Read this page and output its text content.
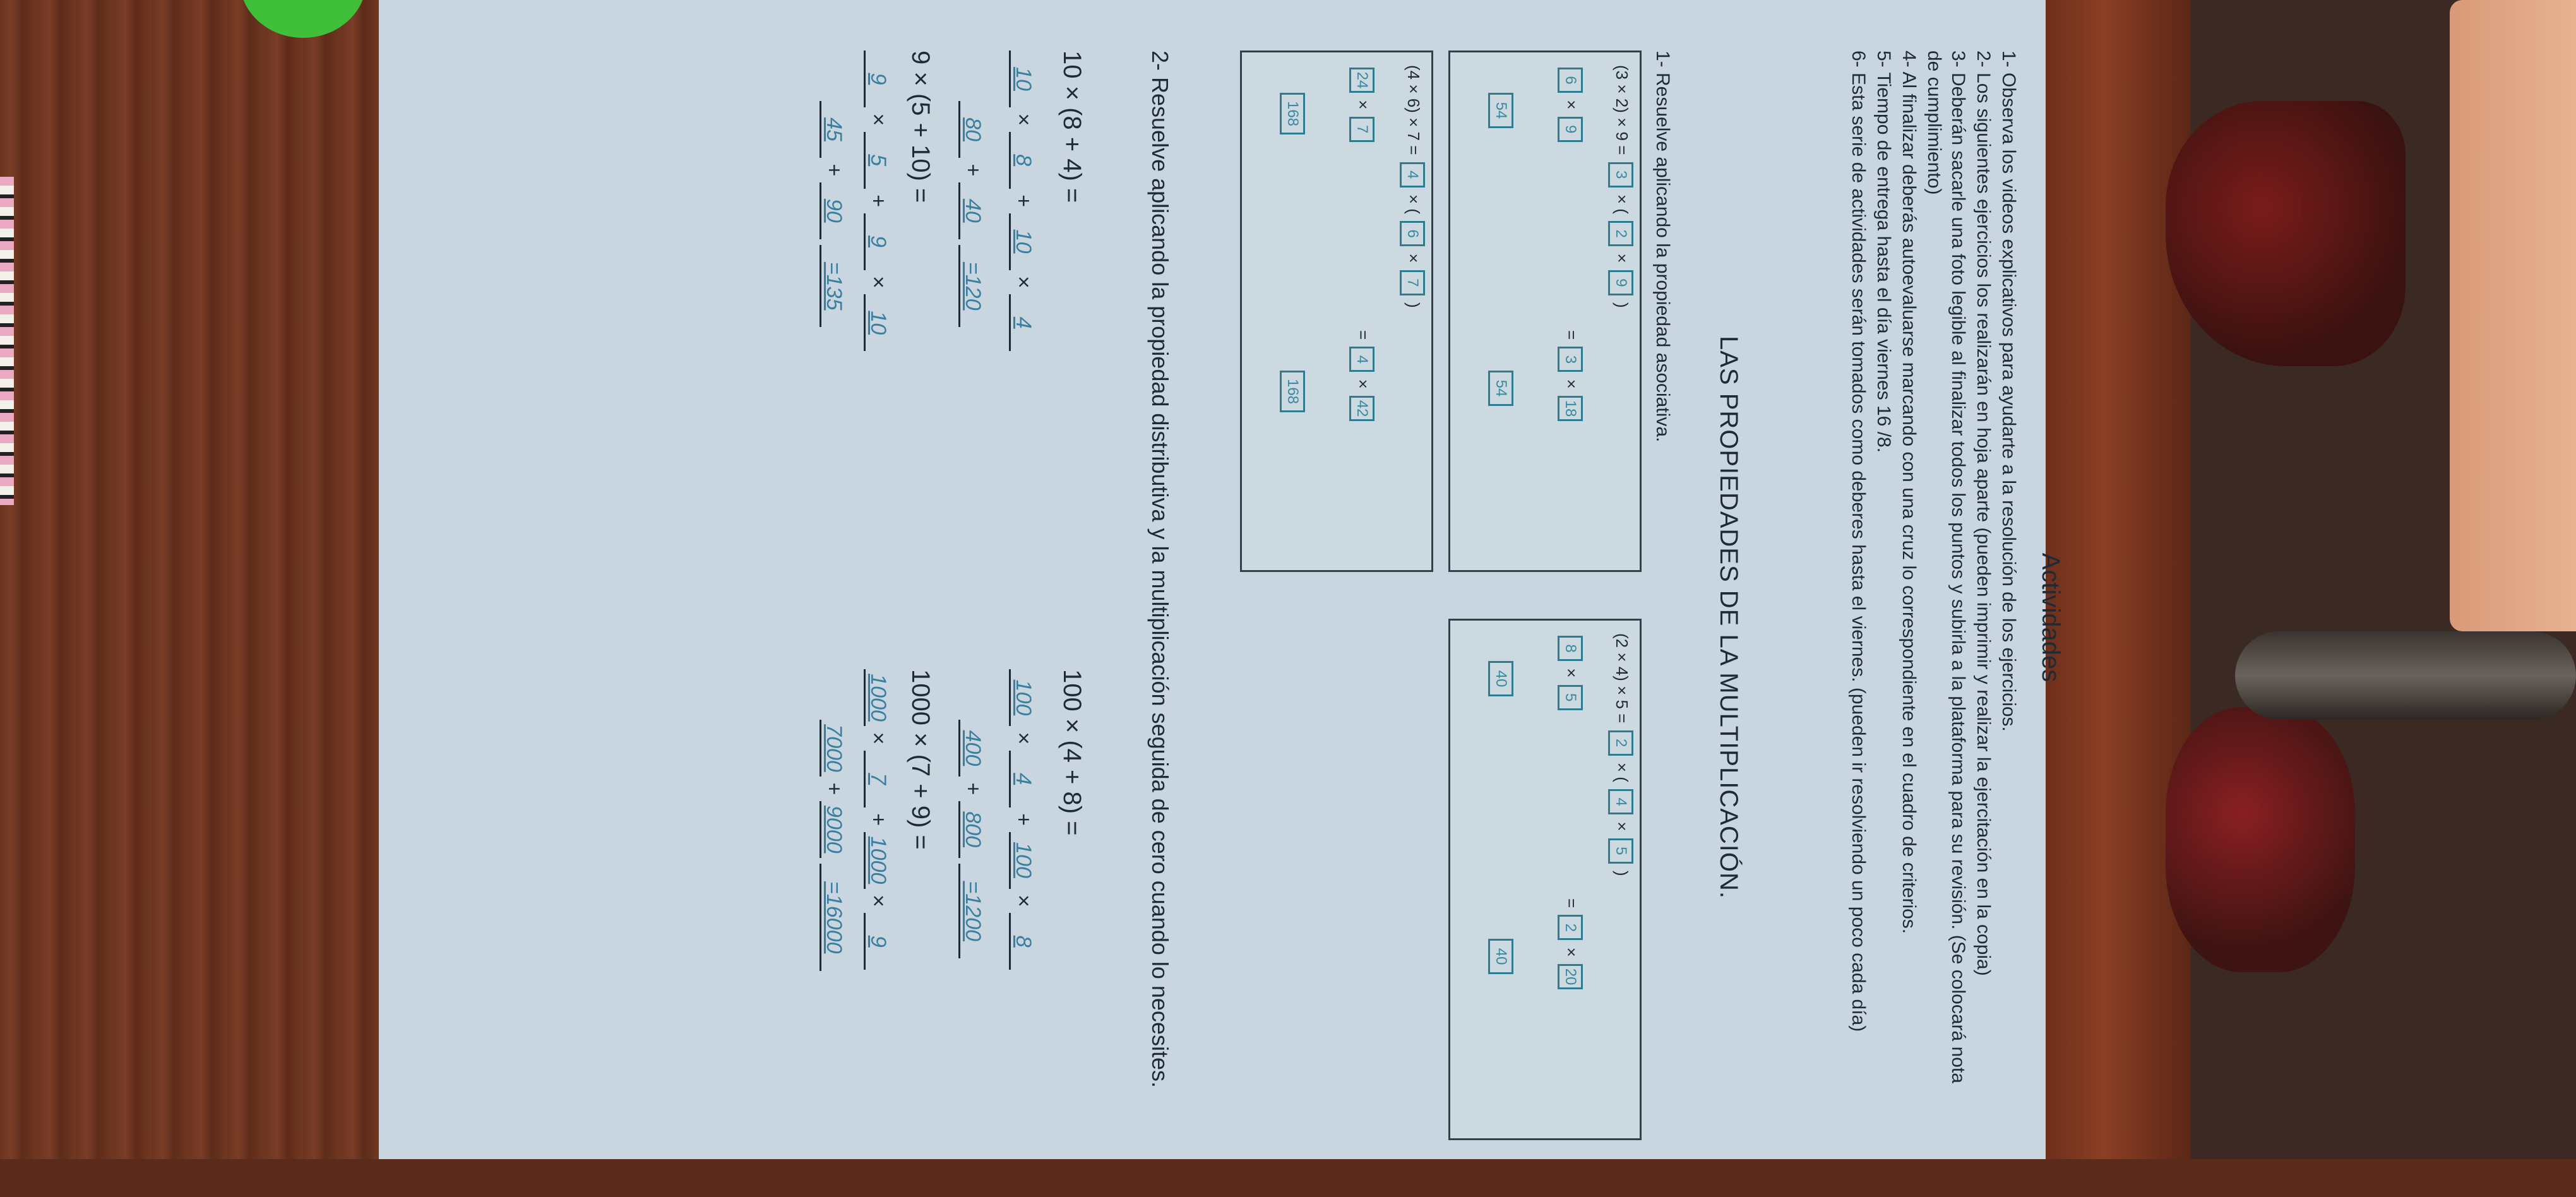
Actividades
1- Observa los videos explicativos para ayudarte a la resolución de los ejercicios.
2- Los siguientes ejercicios los realizarán en hoja aparte (pueden imprimir y realizar la ejercitación en la copia)
3- Deberán sacarle una foto legible al finalizar todos los puntos y subirla a la plataforma para su revisión. (Se colocará nota de cumplimiento)
4- Al finalizar deberás autoevaluarse marcando con una cruz lo correspondiente en el cuadro de criterios.
5- Tiempo de entrega hasta el día viernes 16 /8.
6- Esta serie de actividades serán tomados como deberes hasta el viernes. (pueden ir resolviendo un poco cada día)
LAS PROPIEDADES DE LA MULTIPLICACIÓN.
1- Resuelve aplicando la propiedad asociativa.
(3 × 2) × 9 = 3 × ( 2 × 9 )
6 × 9
54
= 3 × 18
54
(2 × 4) × 5 = 2 × ( 4 × 5 )
8 × 5
40
= 2 × 20
40
(4 × 6) × 7 = 4 × ( 6 × 7 )
24 × 7
168
= 4 × 42
168
2- Resuelve aplicando la propiedad distributiva y la multiplicación seguida de cero cuando lo necesites.
10 × (8 + 4) =
10 × 8 + 10 × 4
80 + 40 =120
100 × (4 + 8) =
100 × 4 + 100 × 8
400 + 800 =1200
9 × (5 + 10) =
9 × 5 + 9 × 10
45 + 90 =135
1000 × (7 + 9) =
1000 × 7 + 1000 × 9
7000 + 9000 =16000
